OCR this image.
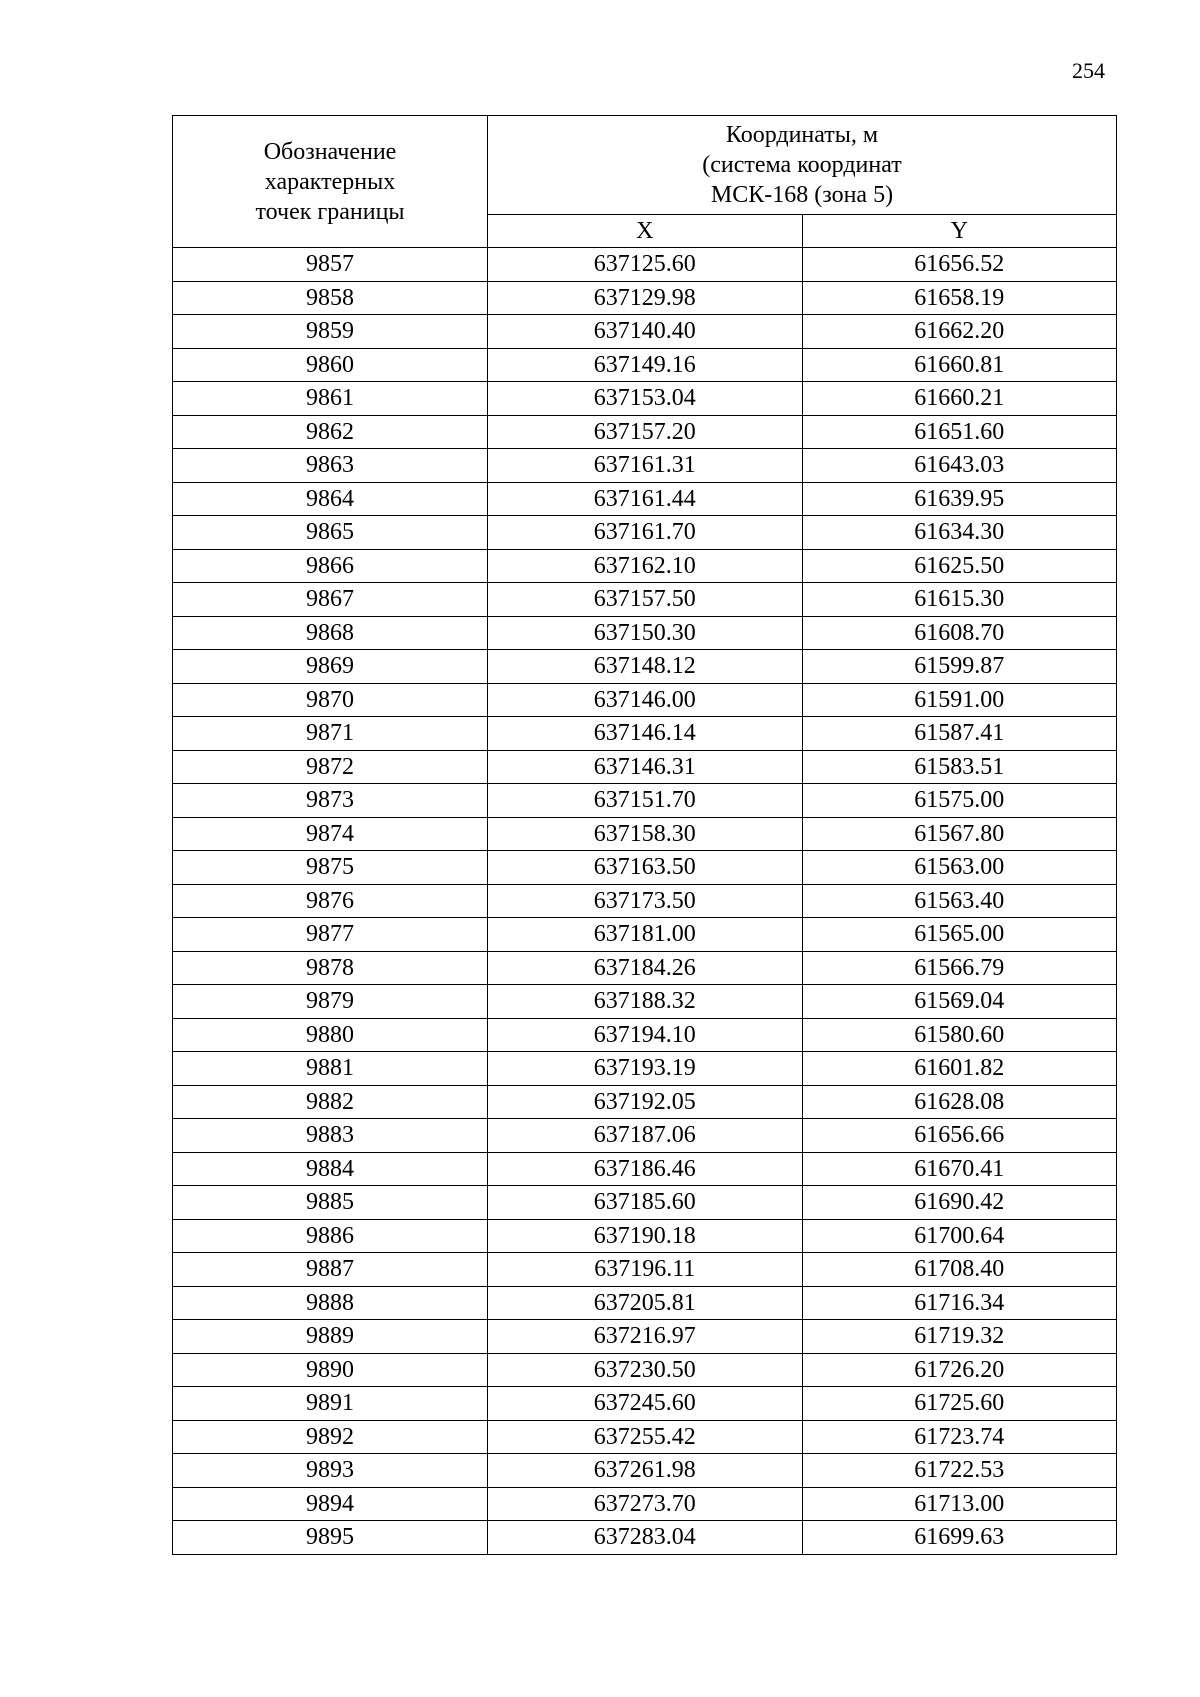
254
Обозначение
характерных
точек границы	Координаты, м
(система координат
МСК-168 (зона 5)	

	X	Y
9857	637125.60	61656.52
9858	637129.98	61658.19
9859	637140.40	61662.20
9860	637149.16	61660.81
9861	637153.04	61660.21
9862	637157.20	61651.60
9863	637161.31	61643.03
9864	637161.44	61639.95
9865	637161.70	61634.30
9866	637162.10	61625.50
9867	637157.50	61615.30
9868	637150.30	61608.70
9869	637148.12	61599.87
9870	637146.00	61591.00
9871	637146.14	61587.41
9872	637146.31	61583.51
9873	637151.70	61575.00
9874	637158.30	61567.80
9875	637163.50	61563.00
9876	637173.50	61563.40
9877	637181.00	61565.00
9878	637184.26	61566.79
9879	637188.32	61569.04
9880	637194.10	61580.60
9881	637193.19	61601.82
9882	637192.05	61628.08
9883	637187.06	61656.66
9884	637186.46	61670.41
9885	637185.60	61690.42
9886	637190.18	61700.64
9887	637196.11	61708.40
9888	637205.81	61716.34
9889	637216.97	61719.32
9890	637230.50	61726.20
9891	637245.60	61725.60
9892	637255.42	61723.74
9893	637261.98	61722.53
9894	637273.70	61713.00
9895	637283.04	61699.63
